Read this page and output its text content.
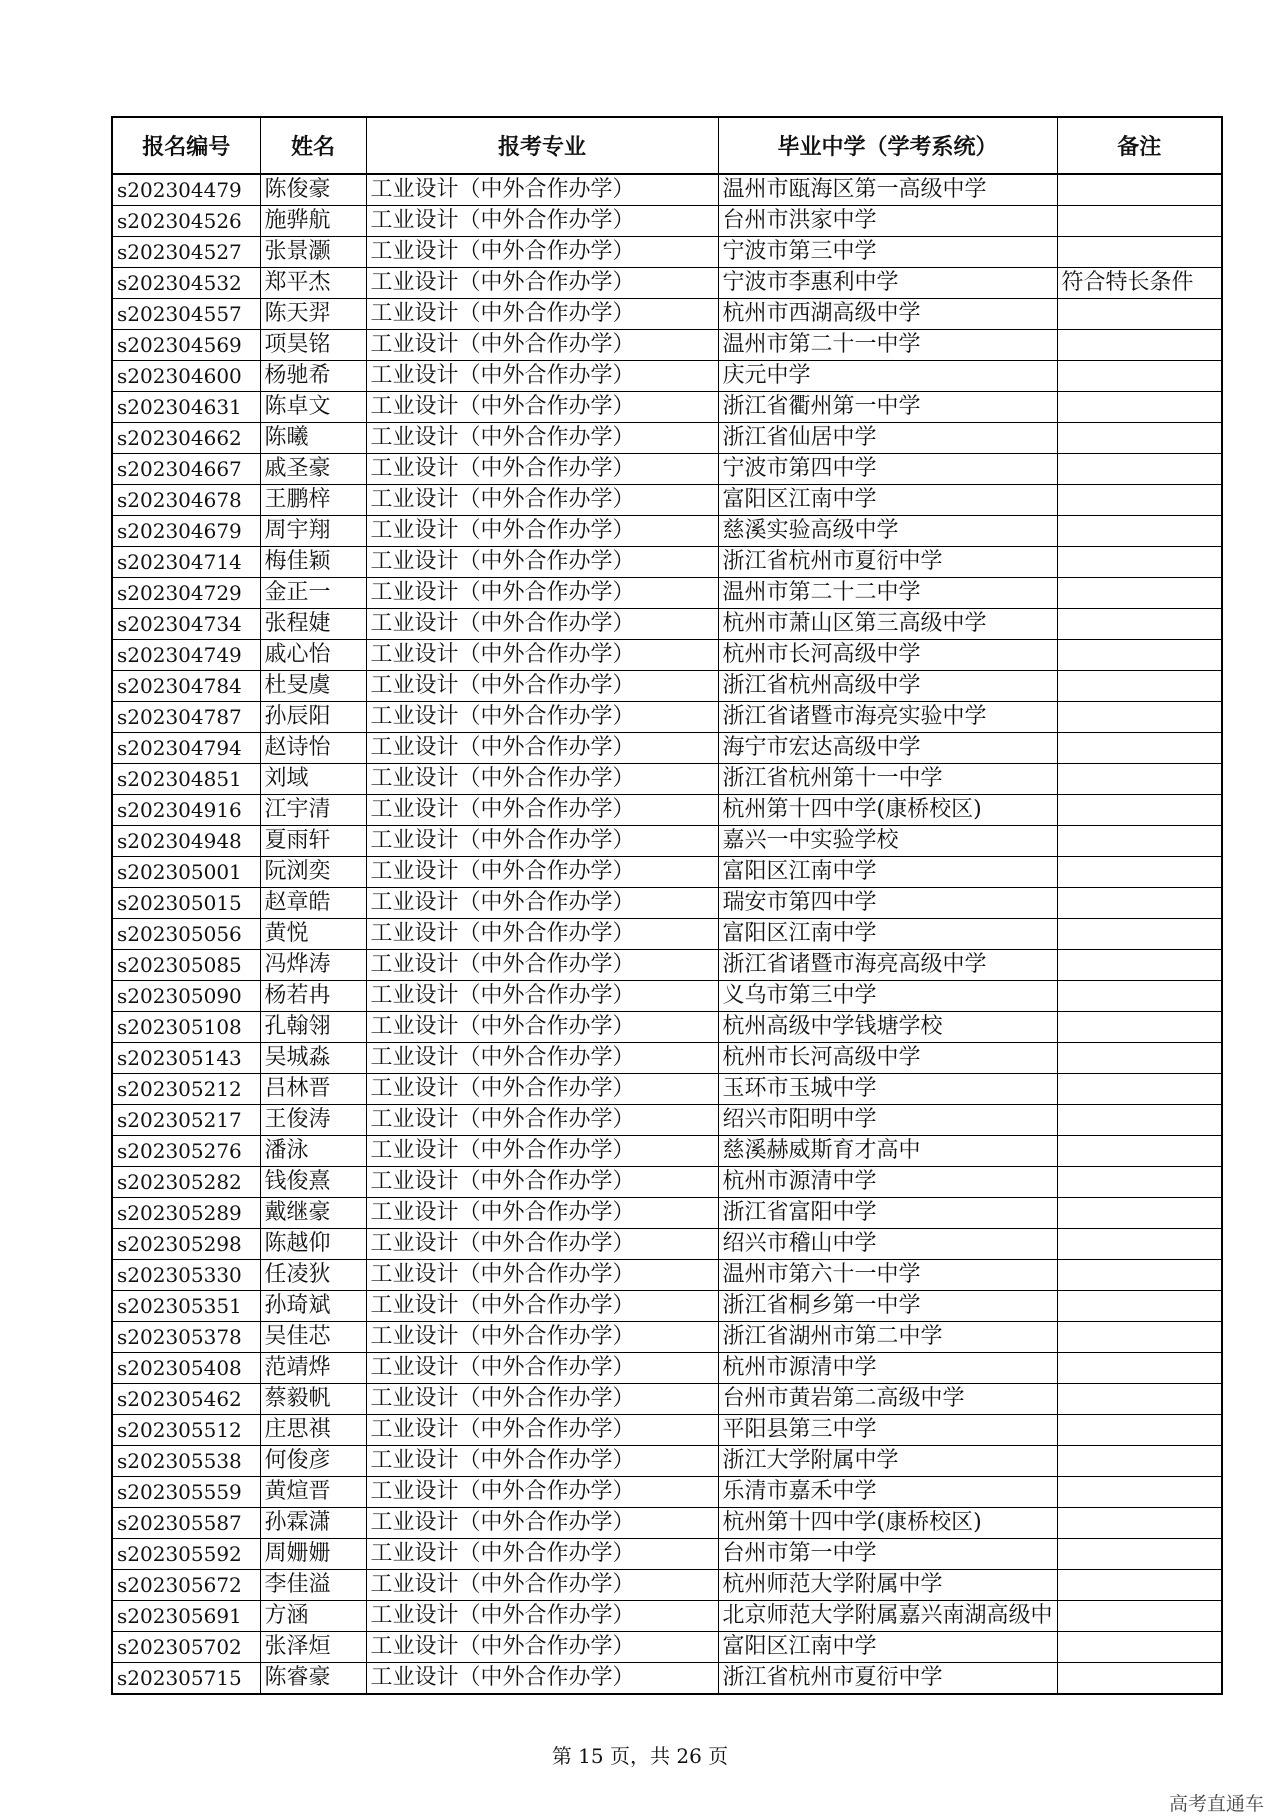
报名编号	姓名	报考专业	毕业中学（学考系统）	备注
s202304479	陈俊豪	工业设计（中外合作办学）	温州市瓯海区第一高级中学	
s202304526	施骅航	工业设计（中外合作办学）	台州市洪家中学	
s202304527	张景灏	工业设计（中外合作办学）	宁波市第三中学	
s202304532	郑平杰	工业设计（中外合作办学）	宁波市李惠利中学	符合特长条件
s202304557	陈天羿	工业设计（中外合作办学）	杭州市西湖高级中学	
s202304569	项昊铭	工业设计（中外合作办学）	温州市第二十一中学	
s202304600	杨驰希	工业设计（中外合作办学）	庆元中学	
s202304631	陈卓文	工业设计（中外合作办学）	浙江省衢州第一中学	
s202304662	陈曦	工业设计（中外合作办学）	浙江省仙居中学	
s202304667	戚圣豪	工业设计（中外合作办学）	宁波市第四中学	
s202304678	王鹏梓	工业设计（中外合作办学）	富阳区江南中学	
s202304679	周宇翔	工业设计（中外合作办学）	慈溪实验高级中学	
s202304714	梅佳颖	工业设计（中外合作办学）	浙江省杭州市夏衍中学	
s202304729	金正一	工业设计（中外合作办学）	温州市第二十二中学	
s202304734	张程婕	工业设计（中外合作办学）	杭州市萧山区第三高级中学	
s202304749	戚心怡	工业设计（中外合作办学）	杭州市长河高级中学	
s202304784	杜旻虞	工业设计（中外合作办学）	浙江省杭州高级中学	
s202304787	孙辰阳	工业设计（中外合作办学）	浙江省诸暨市海亮实验中学	
s202304794	赵诗怡	工业设计（中外合作办学）	海宁市宏达高级中学	
s202304851	刘域	工业设计（中外合作办学）	浙江省杭州第十一中学	
s202304916	江宇清	工业设计（中外合作办学）	杭州第十四中学(康桥校区)	
s202304948	夏雨轩	工业设计（中外合作办学）	嘉兴一中实验学校	
s202305001	阮浏奕	工业设计（中外合作办学）	富阳区江南中学	
s202305015	赵章皓	工业设计（中外合作办学）	瑞安市第四中学	
s202305056	黄悦	工业设计（中外合作办学）	富阳区江南中学	
s202305085	冯烨涛	工业设计（中外合作办学）	浙江省诸暨市海亮高级中学	
s202305090	杨若冉	工业设计（中外合作办学）	义乌市第三中学	
s202305108	孔翰翎	工业设计（中外合作办学）	杭州高级中学钱塘学校	
s202305143	吴城淼	工业设计（中外合作办学）	杭州市长河高级中学	
s202305212	吕林晋	工业设计（中外合作办学）	玉环市玉城中学	
s202305217	王俊涛	工业设计（中外合作办学）	绍兴市阳明中学	
s202305276	潘泳	工业设计（中外合作办学）	慈溪赫威斯育才高中	
s202305282	钱俊熹	工业设计（中外合作办学）	杭州市源清中学	
s202305289	戴继豪	工业设计（中外合作办学）	浙江省富阳中学	
s202305298	陈越仰	工业设计（中外合作办学）	绍兴市稽山中学	
s202305330	任凌狄	工业设计（中外合作办学）	温州市第六十一中学	
s202305351	孙琦斌	工业设计（中外合作办学）	浙江省桐乡第一中学	
s202305378	吴佳芯	工业设计（中外合作办学）	浙江省湖州市第二中学	
s202305408	范靖烨	工业设计（中外合作办学）	杭州市源清中学	
s202305462	蔡毅帆	工业设计（中外合作办学）	台州市黄岩第二高级中学	
s202305512	庄思祺	工业设计（中外合作办学）	平阳县第三中学	
s202305538	何俊彦	工业设计（中外合作办学）	浙江大学附属中学	
s202305559	黄煊晋	工业设计（中外合作办学）	乐清市嘉禾中学	
s202305587	孙霖潇	工业设计（中外合作办学）	杭州第十四中学(康桥校区)	
s202305592	周姗姗	工业设计（中外合作办学）	台州市第一中学	
s202305672	李佳溢	工业设计（中外合作办学）	杭州师范大学附属中学	
s202305691	方涵	工业设计（中外合作办学）	北京师范大学附属嘉兴南湖高级中	
s202305702	张泽烜	工业设计（中外合作办学）	富阳区江南中学	
s202305715	陈睿豪	工业设计（中外合作办学）	浙江省杭州市夏衍中学	
第 15 页，共 26 页
高考直通车
